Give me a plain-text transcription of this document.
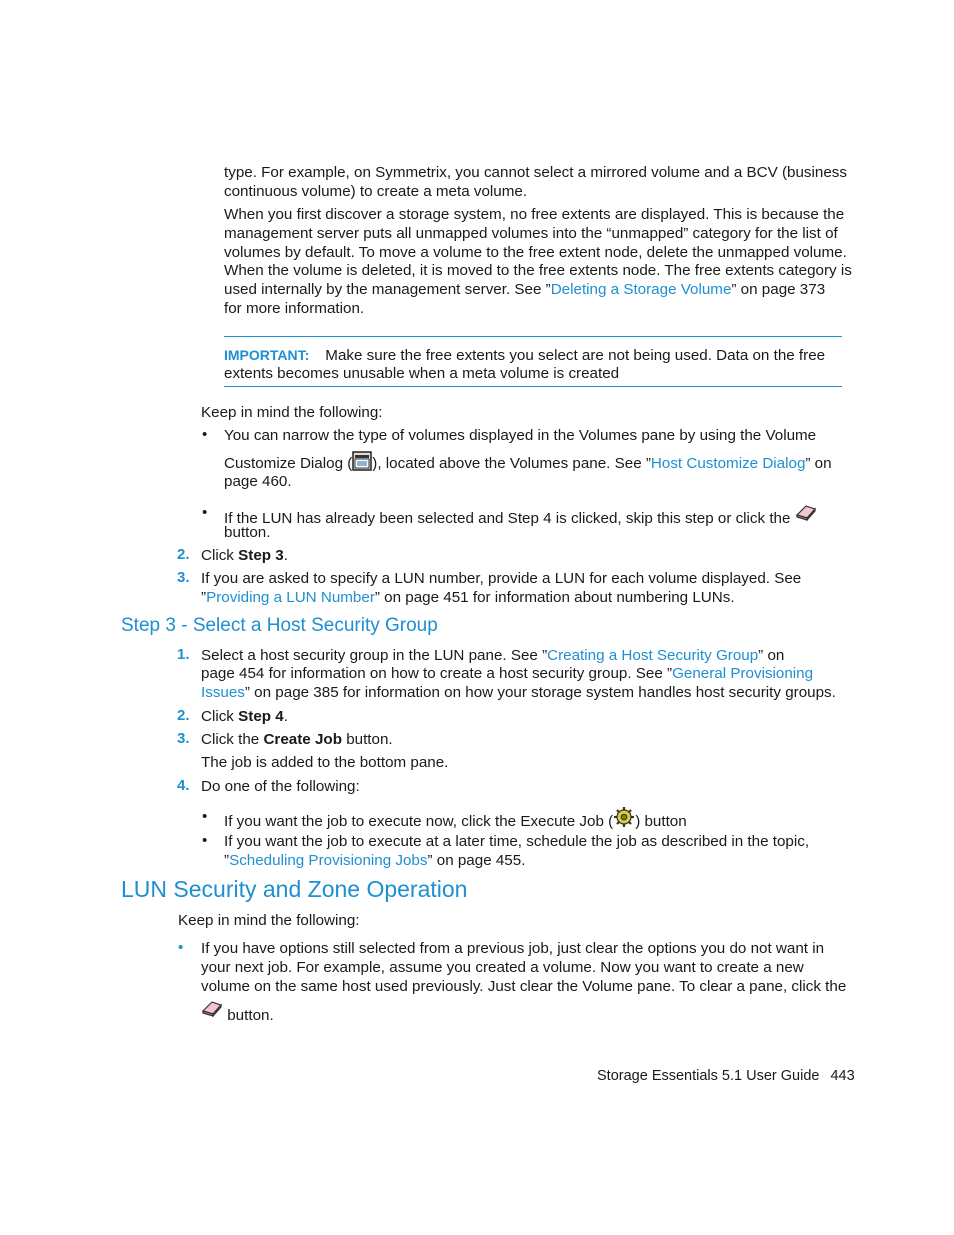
type. For example, on Symmetrix, you cannot select a mirrored volume and a BCV (business
continuous volume) to create a meta volume.
When you first discover a storage system, no free extents are displayed. This is because the
management server puts all unmapped volumes into the “unmapped” category for the list of
volumes by default. To move a volume to the free extent node, delete the unmapped volume.
When the volume is deleted, it is moved to the free extents node. The free extents category is
used internally by the management server. See ”Deleting a Storage Volume” on page 373
for more information.
IMPORTANT: Make sure the free extents you select are not being used. Data on the free
extents becomes unusable when a meta volume is created
Keep in mind the following:
• You can narrow the type of volumes displayed in the Volumes pane by using the Volume
Customize Dialog ( ), located above the Volumes pane. See ”Host Customize Dialog” on
page 460.
• If the LUN has already been selected and Step 4 is clicked, skip this step or click the
button.
2. Click Step 3.
3. If you are asked to specify a LUN number, provide a LUN for each volume displayed. See
”Providing a LUN Number” on page 451 for information about numbering LUNs.
Step 3 - Select a Host Security Group
1. Select a host security group in the LUN pane. See ”Creating a Host Security Group” on
page 454 for information on how to create a host security group. See ”General Provisioning
Issues” on page 385 for information on how your storage system handles host security groups.
2. Click Step 4.
3. Click the Create Job button.
The job is added to the bottom pane.
4. Do one of the following:
• If you want the job to execute now, click the Execute Job ( ) button
• If you want the job to execute at a later time, schedule the job as described in the topic,
”Scheduling Provisioning Jobs” on page 455.
LUN Security and Zone Operation
Keep in mind the following:
• If you have options still selected from a previous job, just clear the options you do not want in
your next job. For example, assume you created a volume. Now you want to create a new
volume on the same host used previously. Just clear the Volume pane. To clear a pane, click the
button.
Storage Essentials 5.1 User Guide 443
